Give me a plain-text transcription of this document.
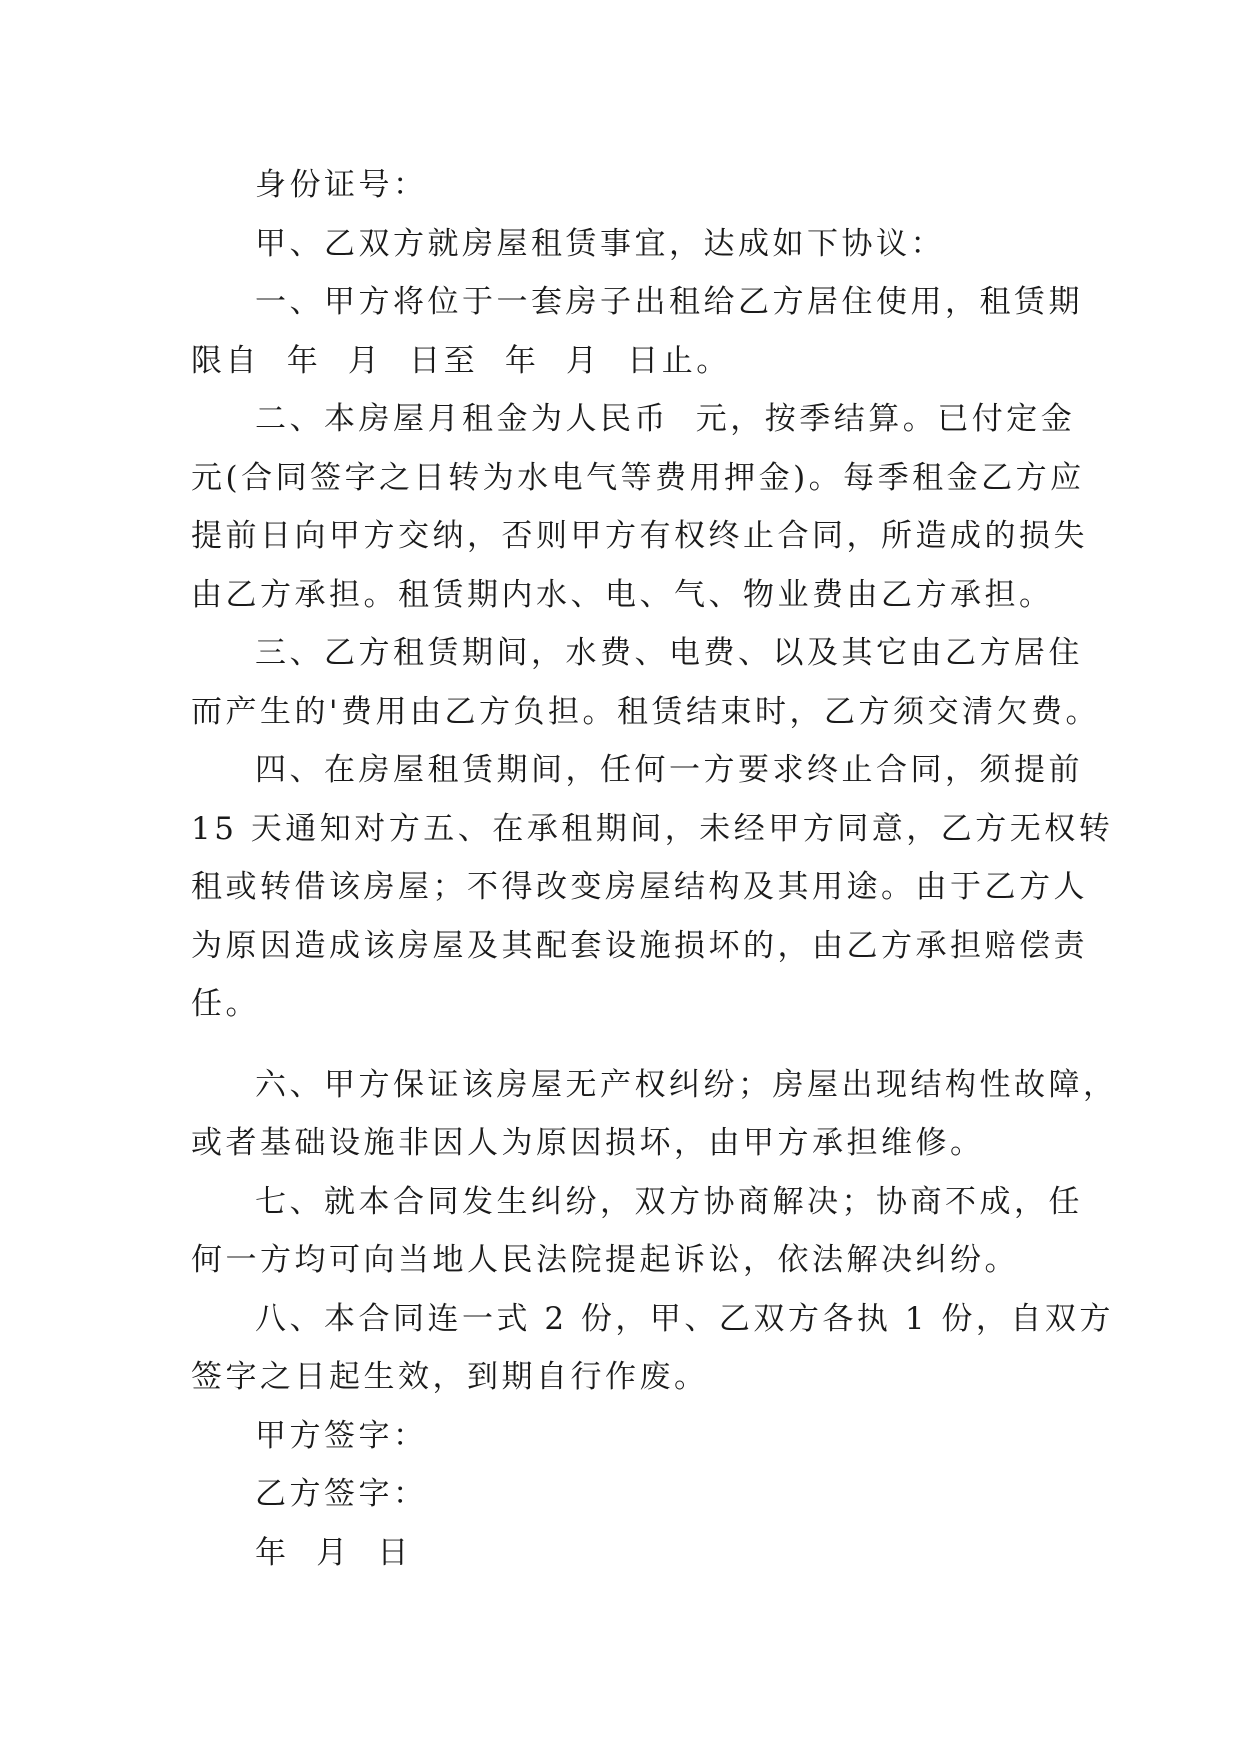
身份证号：

甲、乙双方就房屋租赁事宜，达成如下协议：

一、甲方将位于一套房子出租给乙方居住使用，租赁期
限自  年  月  日至  年  月  日止。

二、本房屋月租金为人民币  元，按季结算。已付定金
元(合同签字之日转为水电气等费用押金)。每季租金乙方应
提前日向甲方交纳，否则甲方有权终止合同，所造成的损失
由乙方承担。租赁期内水、电、气、物业费由乙方承担。

三、乙方租赁期间，水费、电费、以及其它由乙方居住
而产生的'费用由乙方负担。租赁结束时，乙方须交清欠费。

四、在房屋租赁期间，任何一方要求终止合同，须提前
15 天通知对方五、在承租期间，未经甲方同意，乙方无权转
租或转借该房屋；不得改变房屋结构及其用途。由于乙方人
为原因造成该房屋及其配套设施损坏的，由乙方承担赔偿责
任。

六、甲方保证该房屋无产权纠纷；房屋出现结构性故障，
或者基础设施非因人为原因损坏，由甲方承担维修。

七、就本合同发生纠纷，双方协商解决；协商不成，任
何一方均可向当地人民法院提起诉讼，依法解决纠纷。

八、本合同连一式 2 份，甲、乙双方各执 1 份，自双方
签字之日起生效，到期自行作废。

甲方签字：

乙方签字：

年  月  日
